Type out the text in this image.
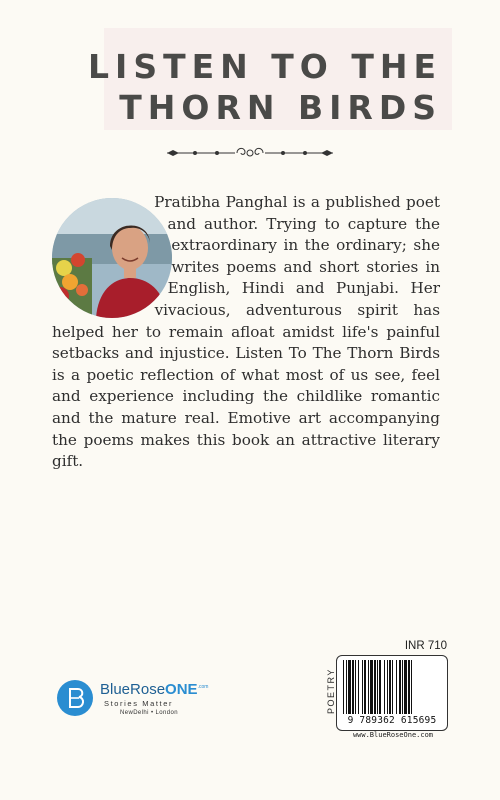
LISTEN TO THE
THORN BIRDS
Pratibha Panghal is a published poet and author. Trying to capture the extraordinary in the ordinary; she writes poems and short stories in English, Hindi and Punjabi. Her vivacious, adventurous spirit has helped her to remain afloat amidst life's painful setbacks and injustice. Listen To The Thorn Birds is a poetic reflection of what most of us see, feel and experience including the childlike romantic and the mature real. Emotive art accompanying the poems makes this book an attractive literary gift.
INR 710
POETRY
9 789362 615695
www.BlueRoseOne.com
BlueRoseONE$^{.com}$
Stories Matter
NewDelhi • London
